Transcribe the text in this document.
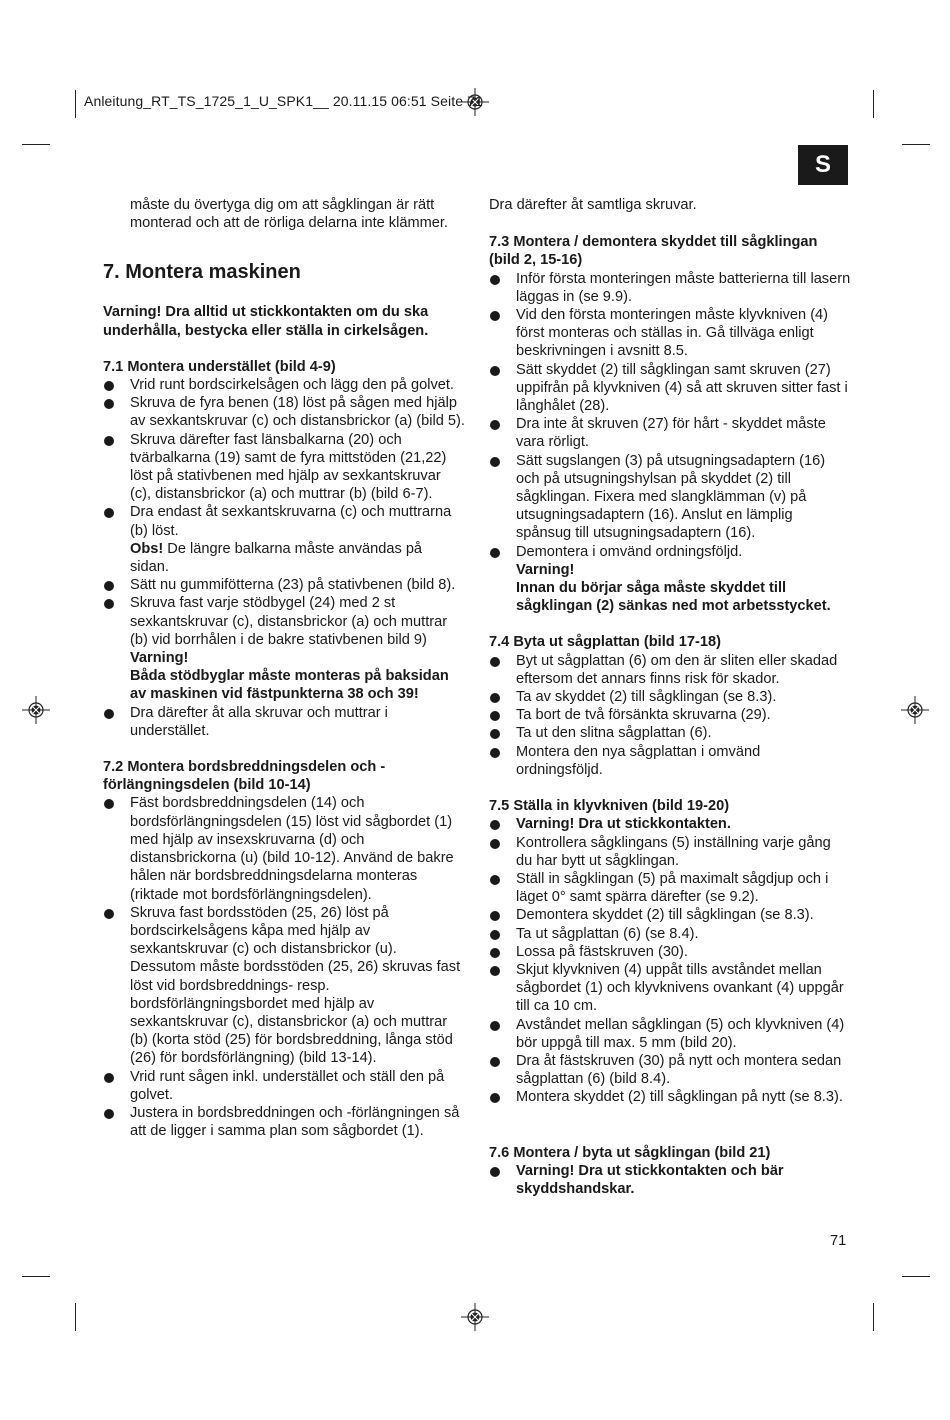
Anleitung_RT_TS_1725_1_U_SPK1__ 20.11.15 06:51 Seite 71
S

måste du övertyga dig om att sågklingan är rätt monterad och att de rörliga delarna inte klämmer.

7. Montera maskinen

Varning! Dra alltid ut stickkontakten om du ska underhålla, bestycka eller ställa in cirkelsågen.

7.1 Montera understället (bild 4-9)

Vrid runt bordscirkelsågen och lägg den på golvet.
Skruva de fyra benen (18) löst på sågen med hjälp av sexkantskruvar (c) och distansbrickor (a) (bild 5).
Skruva därefter fast länsbalkarna (20) och tvärbalkarna (19) samt de fyra mittstöden (21,22) löst på stativbenen med hjälp av sexkantskruvar (c), distansbrickor (a) och muttrar (b) (bild 6-7).
Dra endast åt sexkantskruvarna (c) och muttrarna (b) löst.
Obs! De längre balkarna måste användas på sidan.
Sätt nu gummifötterna (23) på stativbenen (bild 8).
Skruva fast varje stödbygel (24) med 2 st sexkantskruvar (c), distansbrickor (a) och muttrar (b) vid borrhålen i de bakre stativbenen bild 9)
Varning!
Båda stödbyglar måste monteras på baksidan av maskinen vid fästpunkterna 38 och 39!
Dra därefter åt alla skruvar och muttrar i understället.

7.2 Montera bordsbreddningsdelen och - förlängningsdelen (bild 10-14)

Fäst bordsbreddningsdelen (14) och bordsförlängningsdelen (15) löst vid sågbordet (1) med hjälp av insexskruvarna (d) och distansbrickorna (u) (bild 10-12). Använd de bakre hålen när bordsbreddningsdelarna monteras (riktade mot bordsförlängningsdelen).
Skruva fast bordsstöden (25, 26) löst på bordscirkelsågens kåpa med hjälp av sexkantskruvar (c) och distansbrickor (u). Dessutom måste bordsstöden (25, 26) skruvas fast löst vid bordsbreddnings- resp. bordsförlängningsbordet med hjälp av sexkantskruvar (c), distansbrickor (a) och muttrar (b) (korta stöd (25) för bordsbreddning, långa stöd (26) för bordsförlängning) (bild 13-14).
Vrid runt sågen inkl. understället och ställ den på golvet.
Justera in bordsbreddningen och -förlängningen så att de ligger i samma plan som sågbordet (1).

Dra därefter åt samtliga skruvar.

7.3 Montera / demontera skyddet till sågklingan (bild 2, 15-16)

Inför första monteringen måste batterierna till lasern läggas in (se 9.9).
Vid den första monteringen måste klyvkniven (4) först monteras och ställas in. Gå tillväga enligt beskrivningen i avsnitt 8.5.
Sätt skyddet (2) till sågklingan samt skruven (27) uppifrån på klyvkniven (4) så att skruven sitter fast i långhålet (28).
Dra inte åt skruven (27) för hårt - skyddet måste vara rörligt.
Sätt sugslangen (3) på utsugningsadaptern (16) och på utsugningshylsan på skyddet (2) till sågklingan. Fixera med slangklämman (v) på utsugningsadaptern (16). Anslut en lämplig spånsug till utsugningsadaptern (16).
Demontera i omvänd ordningsföljd.
Varning!
Innan du börjar såga måste skyddet till sågklingan (2) sänkas ned mot arbetsstycket.

7.4 Byta ut sågplattan (bild 17-18)

Byt ut sågplattan (6) om den är sliten eller skadad eftersom det annars finns risk för skador.
Ta av skyddet (2) till sågklingan (se 8.3).
Ta bort de två försänkta skruvarna (29).
Ta ut den slitna sågplattan (6).
Montera den nya sågplattan i omvänd ordningsföljd.

7.5 Ställa in klyvkniven (bild 19-20)

Varning! Dra ut stickkontakten.
Kontrollera sågklingans (5) inställning varje gång du har bytt ut sågklingan.
Ställ in sågklingan (5) på maximalt sågdjup och i läget 0° samt spärra därefter (se 9.2).
Demontera skyddet (2) till sågklingan (se 8.3).
Ta ut sågplattan (6) (se 8.4).
Lossa på fästskruven (30).
Skjut klyvkniven (4) uppåt tills avståndet mellan sågbordet (1) och klyvknivens ovankant (4) uppgår till ca 10 cm.
Avståndet mellan sågklingan (5) och klyvkniven (4) bör uppgå till max. 5 mm (bild 20).
Dra åt fästskruven (30) på nytt och montera sedan sågplattan (6) (bild 8.4).
Montera skyddet (2) till sågklingan på nytt (se 8.3).

7.6 Montera / byta ut sågklingan (bild 21)

Varning! Dra ut stickkontakten och bär skyddshandskar.
71
